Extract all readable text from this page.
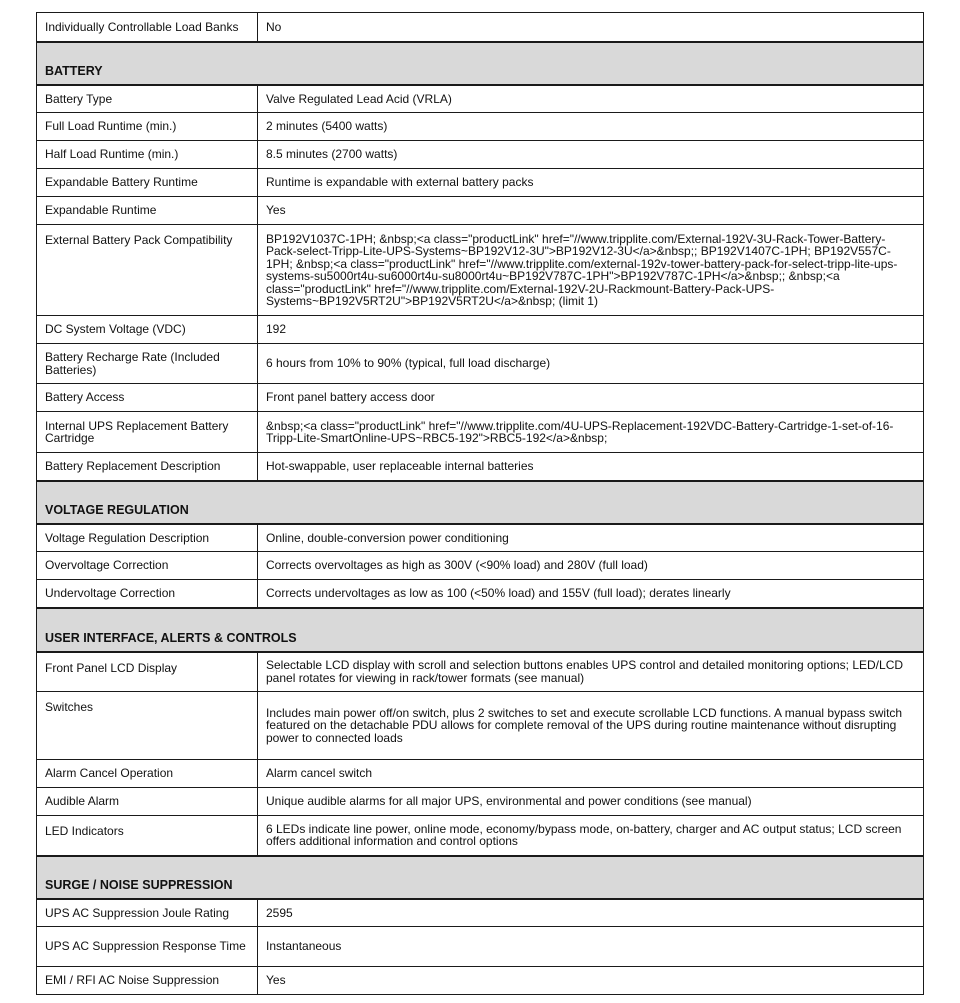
Individually Controllable Load Banks	No
BATTERY	
Battery Type	Valve Regulated Lead Acid (VRLA)
Full Load Runtime (min.)	2 minutes (5400 watts)
Half Load Runtime (min.)	8.5 minutes (2700 watts)
Expandable Battery Runtime	Runtime is expandable with external battery packs
Expandable Runtime	Yes
External Battery Pack Compatibility	BP192V1037C-1PH; &nbsp;<a class="productLink" href="//www.tripplite.com/External-192V-3U-Rack-Tower-Battery-Pack-select-Tripp-Lite-UPS-Systems~BP192V12-3U">BP192V12-3U</a>&nbsp;; BP192V1407C-1PH; BP192V557C-1PH; &nbsp;<a class="productLink" href="//www.tripplite.com/external-192v-tower-battery-pack-for-select-tripp-lite-ups-systems-su5000rt4u-su6000rt4u-su8000rt4u~BP192V787C-1PH">BP192V787C-1PH</a>&nbsp;; &nbsp;<a class="productLink" href="//www.tripplite.com/External-192V-2U-Rackmount-Battery-Pack-UPS-Systems~BP192V5RT2U">BP192V5RT2U</a>&nbsp; (limit 1)
DC System Voltage (VDC)	192
Battery Recharge Rate (Included Batteries)	6 hours from 10% to 90% (typical, full load discharge)
Battery Access	Front panel battery access door
Internal UPS Replacement Battery Cartridge	&nbsp;<a class="productLink" href="//www.tripplite.com/4U-UPS-Replacement-192VDC-Battery-Cartridge-1-set-of-16-Tripp-Lite-SmartOnline-UPS~RBC5-192">RBC5-192</a>&nbsp;
Battery Replacement Description	Hot-swappable, user replaceable internal batteries
VOLTAGE REGULATION	
Voltage Regulation Description	Online, double-conversion power conditioning
Overvoltage Correction	Corrects overvoltages as high as 300V (<90% load) and 280V (full load)
Undervoltage Correction	Corrects undervoltages as low as 100 (<50% load) and 155V (full load); derates linearly
USER INTERFACE, ALERTS & CONTROLS	
Front Panel LCD Display	Selectable LCD display with scroll and selection buttons enables UPS control and detailed monitoring options; LED/LCD panel rotates for viewing in rack/tower formats (see manual)
Switches	Includes main power off/on switch, plus 2 switches to set and execute scrollable LCD functions. A manual bypass switch featured on the detachable PDU allows for complete removal of the UPS during routine maintenance without disrupting power to connected loads
Alarm Cancel Operation	Alarm cancel switch
Audible Alarm	Unique audible alarms for all major UPS, environmental and power conditions (see manual)
LED Indicators	6 LEDs indicate line power, online mode, economy/bypass mode, on-battery, charger and AC output status; LCD screen offers additional information and control options
SURGE / NOISE SUPPRESSION	
UPS AC Suppression Joule Rating	2595
UPS AC Suppression Response Time	Instantaneous
EMI / RFI AC Noise Suppression	Yes
